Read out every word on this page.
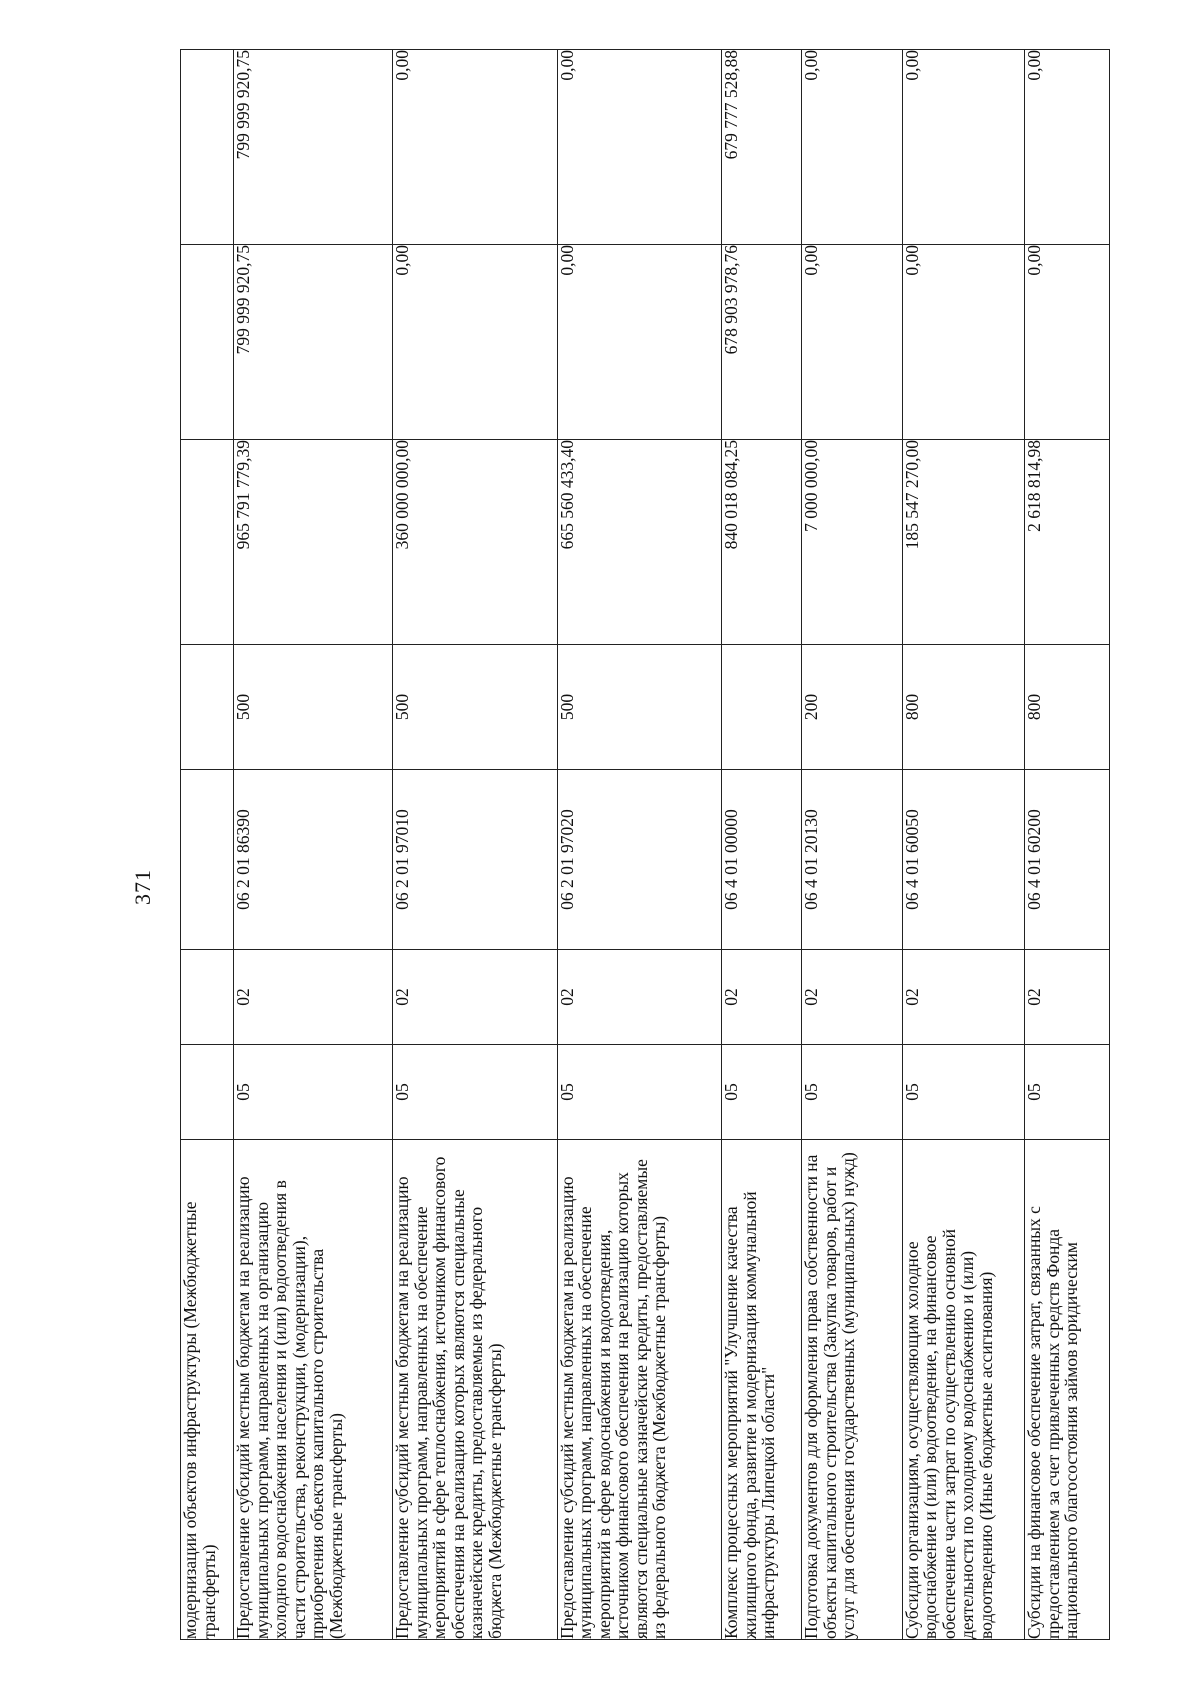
371
модернизации объектов инфраструктуры (Межбюджетные трансферты)							
Предоставление субсидий местным бюджетам на реализацию муниципальных программ, направленных на организацию холодного водоснабжения населения и (или) водоотведения в части строительства, реконструкции, (модернизации), приобретения объектов капитального строительства (Межбюджетные трансферты)	05	02	06 2 01 86390	500	965 791 779,39	799 999 920,75	799 999 920,75
Предоставление субсидий местным бюджетам на реализацию муниципальных программ, направленных на обеспечение мероприятий в сфере теплоснабжения, источником финансового обеспечения на реализацию которых являются специальные казначейские кредиты, предоставляемые из федерального бюджета (Межбюджетные трансферты)	05	02	06 2 01 97010	500	360 000 000,00	0,00	0,00
Предоставление субсидий местным бюджетам на реализацию муниципальных программ, направленных на обеспечение мероприятий в сфере водоснабжения и водоотведения, источником финансового обеспечения на реализацию которых являются специальные казначейские кредиты, предоставляемые из федерального бюджета (Межбюджетные трансферты)	05	02	06 2 01 97020	500	665 560 433,40	0,00	0,00
Комплекс процессных мероприятий "Улучшение качества жилищного фонда, развитие и модернизация коммунальной инфраструктуры Липецкой области"	05	02	06 4 01 00000		840 018 084,25	678 903 978,76	679 777 528,88
Подготовка документов для оформления права собственности на объекты капитального строительства (Закупка товаров, работ и услуг для обеспечения государственных (муниципальных) нужд)	05	02	06 4 01 20130	200	7 000 000,00	0,00	0,00
Субсидии организациям, осуществляющим холодное водоснабжение и (или) водоотведение, на финансовое обеспечение части затрат по осуществлению основной деятельности по холодному водоснабжению и (или) водоотведению (Иные бюджетные ассигнования)	05	02	06 4 01 60050	800	185 547 270,00	0,00	0,00
Субсидии на финансовое обеспечение затрат, связанных с предоставлением за счет привлеченных средств Фонда национального благосостояния займов юридическим	05	02	06 4 01 60200	800	2 618 814,98	0,00	0,00
